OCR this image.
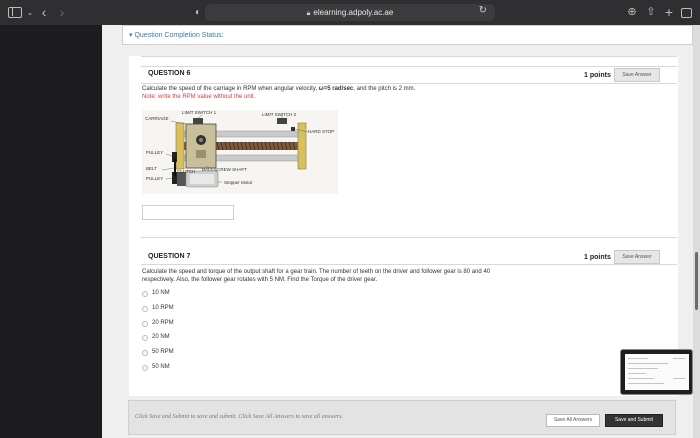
⌄ ‹ ›	◐	🔒︎ elearning.adpoly.ac.ae	↻	⊕ ⇧ +
▾ Question Completion Status:
QUESTION 6	1 points	Save Answer
Calculate the speed of the carriage in RPM when angular velocity, ω=5 rad/sec, and the pitch is 2 mm.
Note: write the RPM value without the unit.
CARRIAGE
LIMIT SWITCH 1	LIMIT SWITCH 2
HARD STOP
PULLEY
BELT
PULLEY
CLUTCH BALL SCREW SHAFT
Stepper Motor
QUESTION 7	1 points	Save Answer
Calculate the speed and torque of the output shaft for a gear train. The number of teeth on the driver and follower gear is 80 and 40
respectively. Also, the follower gear rotates with 5 NM. Find the Torque of the driver gear.
10 NM
10 RPM
20 RPM
20 NM
50 RPM
50 NM
Click Save and Submit to save and submit. Click Save All Answers to save all answers.	Save All Answers	Save and Submit
